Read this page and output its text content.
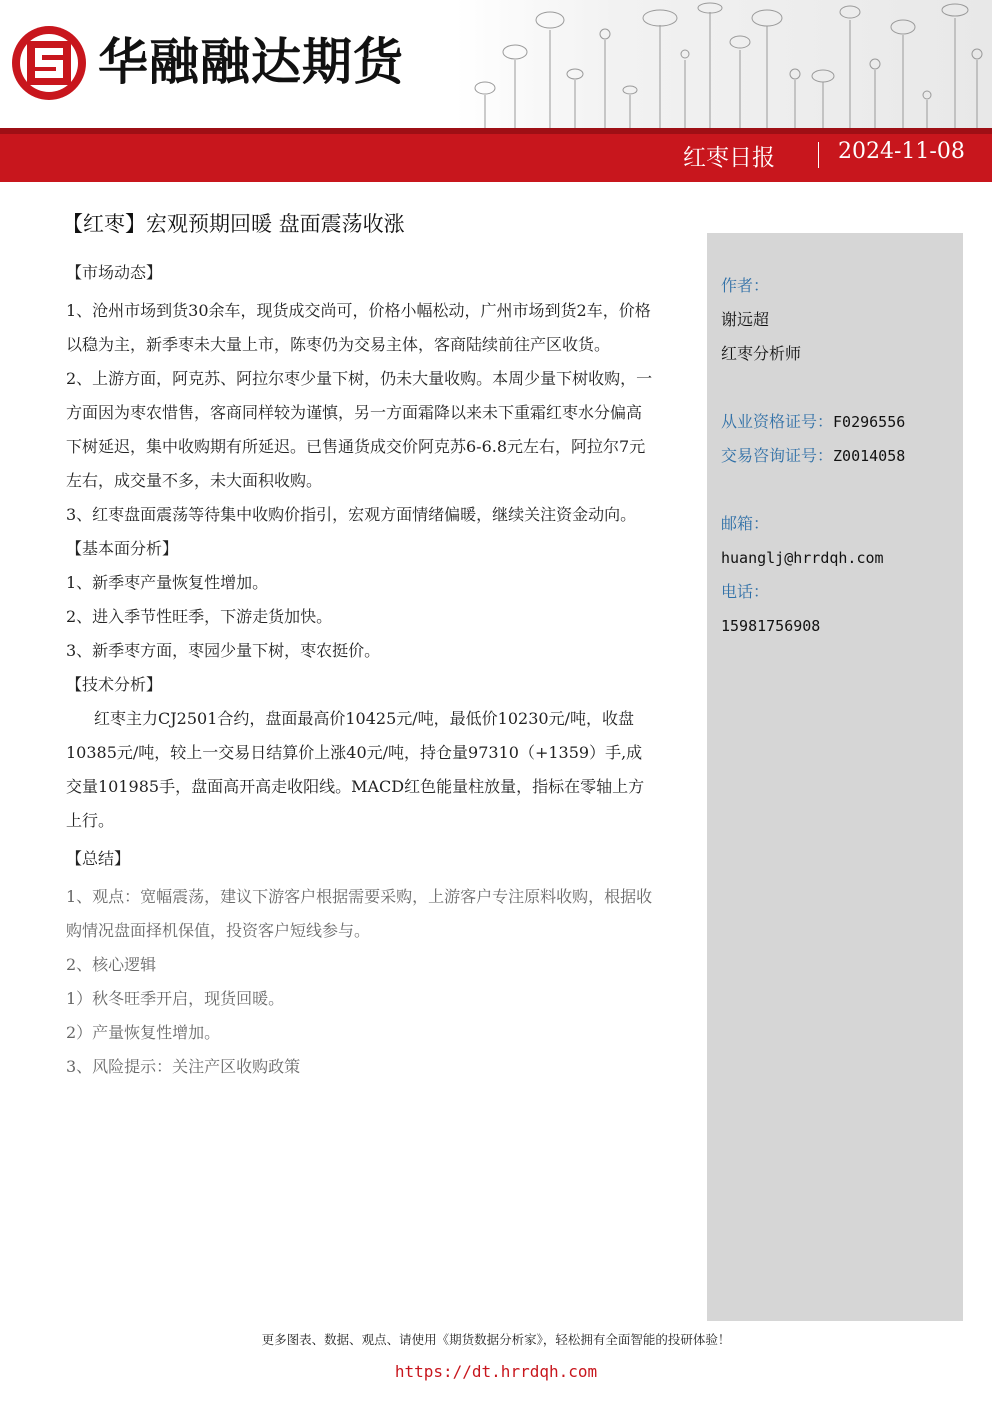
华融融达期货
红枣日报	2024-11-08
【红枣】宏观预期回暖 盘面震荡收涨

【市场动态】

1、沧州市场到货30余车，现货成交尚可，价格小幅松动，广州市场到货2车，价格以稳为主，新季枣未大量上市，陈枣仍为交易主体，客商陆续前往产区收货。

2、上游方面，阿克苏、阿拉尔枣少量下树，仍未大量收购。本周少量下树收购，一方面因为枣农惜售，客商同样较为谨慎，另一方面霜降以来未下重霜红枣水分偏高下树延迟，集中收购期有所延迟。已售通货成交价阿克苏6-6.8元左右，阿拉尔7元左右，成交量不多，未大面积收购。

3、红枣盘面震荡等待集中收购价指引，宏观方面情绪偏暖，继续关注资金动向。

【基本面分析】

1、新季枣产量恢复性增加。

2、进入季节性旺季，下游走货加快。

3、新季枣方面，枣园少量下树，枣农挺价。

【技术分析】

红枣主力CJ2501合约，盘面最高价10425元/吨，最低价10230元/吨，收盘10385元/吨，较上一交易日结算价上涨40元/吨，持仓量97310（+1359）手,成交量101985手，盘面高开高走收阳线。MACD红色能量柱放量，指标在零轴上方上行。

【总结】

1、观点：宽幅震荡，建议下游客户根据需要采购，上游客户专注原料收购，根据收购情况盘面择机保值，投资客户短线参与。

2、核心逻辑

1）秋冬旺季开启，现货回暖。

2）产量恢复性增加。

3、风险提示：关注产区收购政策

作者：
谢远超
红枣分析师
从业资格证号：F0296556
交易咨询证号：Z0014058
邮箱：
huanglj@hrrdqh.com
电话：
15981756908
更多图表、数据、观点、请使用《期货数据分析家》，轻松拥有全面智能的投研体验！
https://dt.hrrdqh.com
